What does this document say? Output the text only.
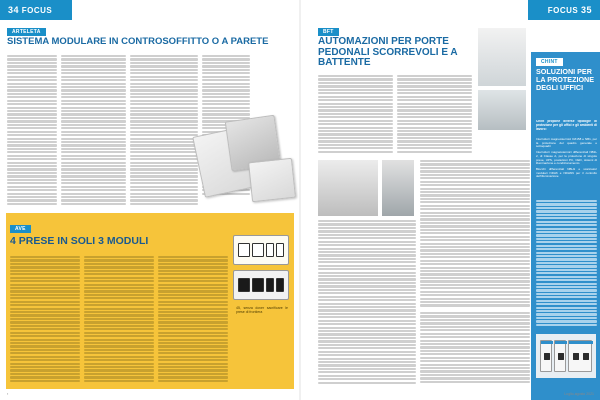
34 FOCUS
ARTELETA
SISTEMA MODULARE IN CONTROSOFFITTO O A PARETE
AVE
4 PRESE IN SOLI 3 MODULI
45, senza dover sacrificare le prese di frontiera
▪
FOCUS 35
BFT
AUTOMAZIONI PER PORTE PEDONALI SCORREVOLI E A BATTENTE	CHINT
SOLUZIONI PER LA PROTEZIONE DEGLI UFFICI
Chint propone diverse tipologie di protezione per gli uffici e gli ambienti di lavoro:
Interruttori magnetotermici DZ158 e NB1, per la protezione del quadro generale e sottoquadri
Interruttori magnetotermici differenziali NB1L 2, di Classe A, per la protezione di singole prese, UPS, postazioni PC, CED, sistemi di illuminazione e condizionamento
Blocchi differenziali NBH1 e scaricatori modulari NDH6 e NDH6N per il controllo dell'illuminazione
Luglio-agosto 2021
